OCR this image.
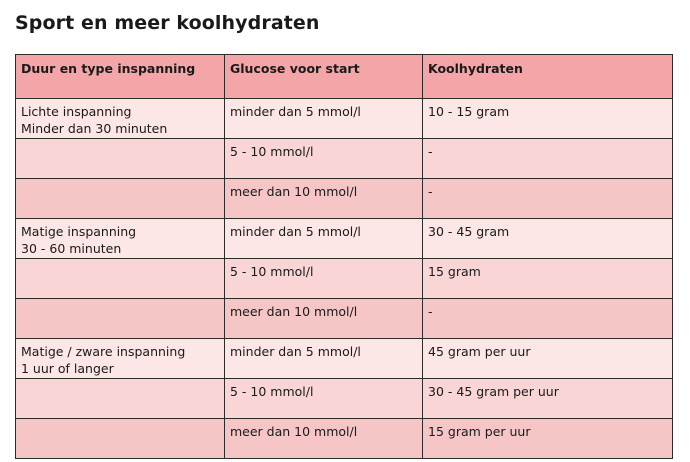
Sport en meer koolhydraten
Duur en type inspanning	Glucose voor start	Koolhydraten

Lichte inspanning
Minder dan 30 minuten	minder dan 5 mmol/l	10 - 15 gram

	5 - 10 mmol/l	-

	meer dan 10 mmol/l	-

Matige inspanning
30 - 60 minuten	minder dan 5 mmol/l	30 - 45 gram

	5 - 10 mmol/l	15 gram

	meer dan 10 mmol/l	-

Matige / zware inspanning
1 uur of langer	minder dan 5 mmol/l	45 gram per uur

	5 - 10 mmol/l	30 - 45 gram per uur

	meer dan 10 mmol/l	15 gram per uur
